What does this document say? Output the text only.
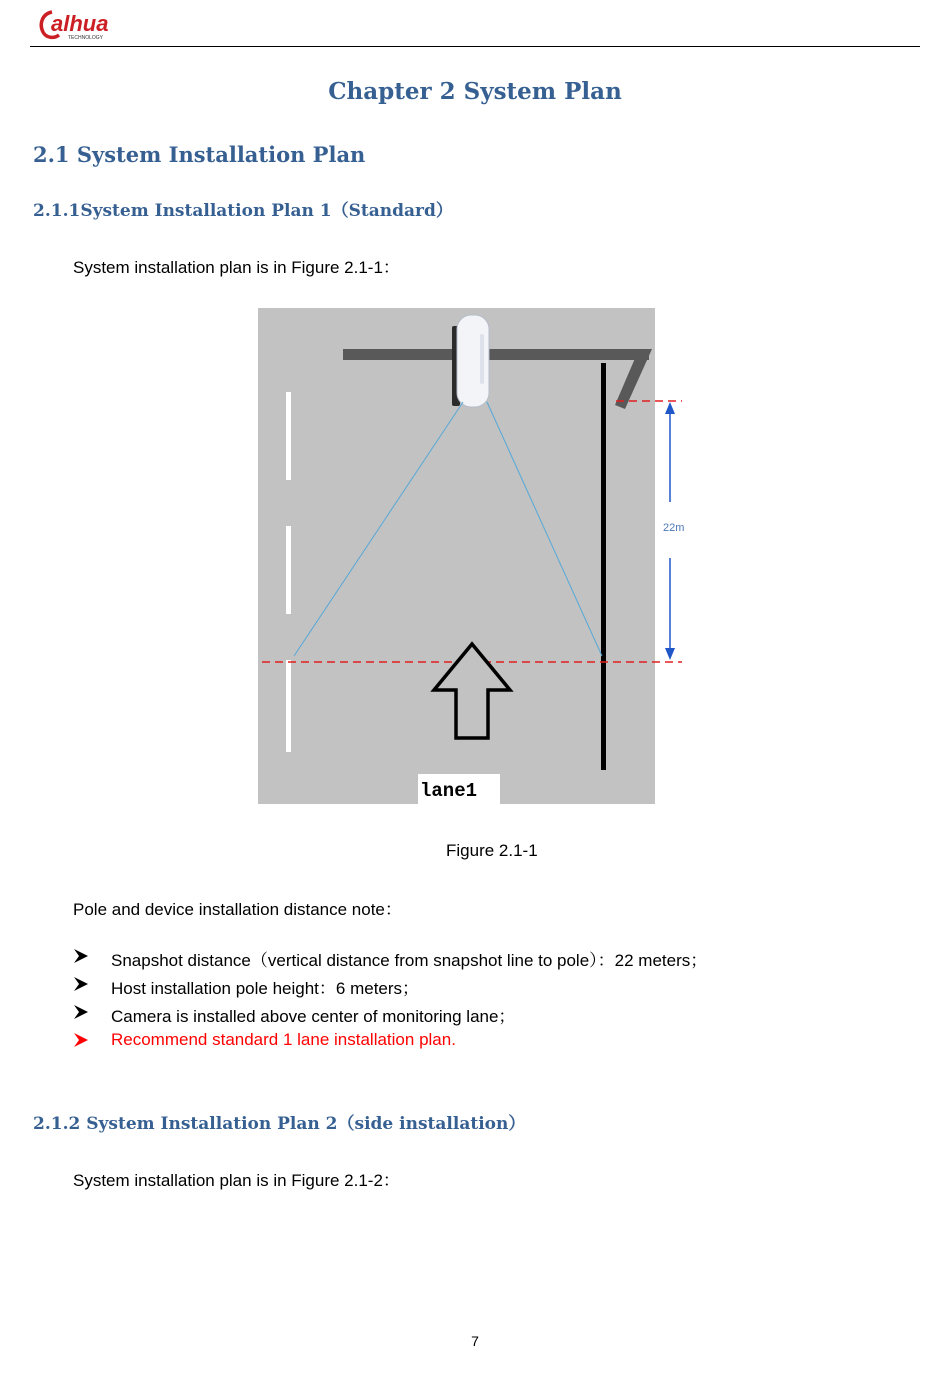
alhua
TECHNOLOGY
Chapter 2 System Plan
2.1 System Installation Plan
2.1.1System Installation Plan 1（Standard）

System installation plan is in Figure 2.1-1：

22m
lane1
Figure 2.1-1

Pole and device installation distance note：

Snapshot distance（vertical distance from snapshot line to pole）：22 meters；
Host installation pole height：6 meters；
Camera is installed above center of monitoring lane；
Recommend standard 1 lane installation plan.
2.1.2 System Installation Plan 2（side installation）

System installation plan is in Figure 2.1-2：

7
